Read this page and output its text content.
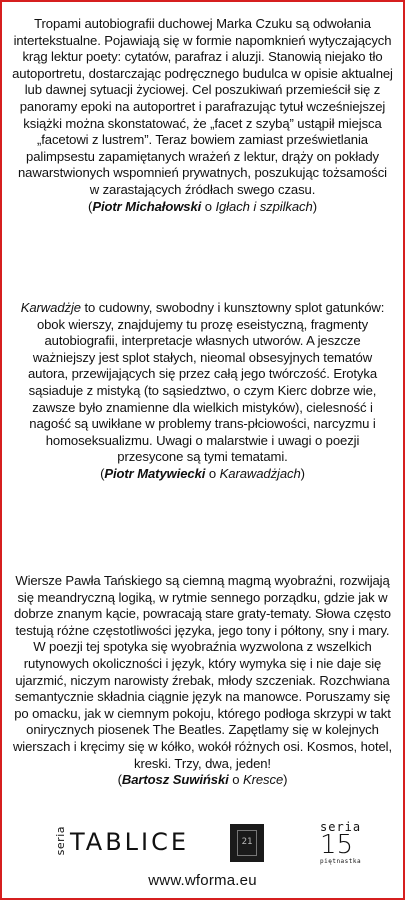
Tropami autobiografii duchowej Marka Czuku są odwołania intertekstualne. Pojawiają się w formie napomknień wytyczających krąg lektur poety: cytatów, parafraz i aluzji. Stanowią niejako tło autoportretu, dostarczając podręcznego budulca w opisie aktualnej lub dawnej sytuacji życiowej. Cel poszukiwań przemieścił się z panoramy epoki na autoportret i parafrazując tytuł wcześniejszej książki można skonstatować, że „facet z szybą” ustąpił miejsca „facetowi z lustrem”. Teraz bowiem zamiast prześwietlania palimpsestu zapamiętanych wrażeń z lektur, drąży on pokłady nawarstwionych wspomnień prywatnych, poszukując tożsamości w zarastających źródłach swego czasu.
(Piotr Michałowski o Igłach i szpilkach)

Karwadżje to cudowny, swobodny i kunsztowny splot gatunków: obok wierszy, znajdujemy tu prozę eseistyczną, fragmenty autobiografii, interpretacje własnych utworów. A jeszcze ważniejszy jest splot stałych, nieomal obsesyjnych tematów autora, przewijających się przez całą jego twórczość. Erotyka sąsiaduje z mistyką (to sąsiedztwo, o czym Kierc dobrze wie, zawsze było znamienne dla wielkich mistyków), cielesność i nagość są uwikłane w problemy trans-płciowości, narcyzmu i homoseksualizmu. Uwagi o malarstwie i uwagi o poezji przesycone są tymi tematami.
(Piotr Matywiecki o Karawadżjach)

Wiersze Pawła Tańskiego są ciemną magmą wyobraźni, rozwijają się meandryczną logiką, w rytmie sennego porządku, gdzie jak w dobrze znanym kącie, powracają stare graty-tematy. Słowa często testują różne częstotliwości języka, jego tony i półtony, sny i mary. W poezji tej spotyka się wyobraźnia wyzwolona z wszelkich rutynowych okoliczności i język, który wymyka się i nie daje się ujarzmić, niczym narowisty źrebak, młody szczeniak. Rozchwiana semantycznie składnia ciągnie język na manowce. Poruszamy się po omacku, jak w ciemnym pokoju, którego podłoga skrzypi w takt onirycznych piosenek The Beatles. Zapętlamy się w kolejnych wierszach i kręcimy się w kółko, wokół różnych osi. Kosmos, hotel, kreski. Trzy, dwa, jeden!
(Bartosz Suwiński o Kresce)

seria TABLICE	21
seria
15
piętnastka
www.wforma.eu
